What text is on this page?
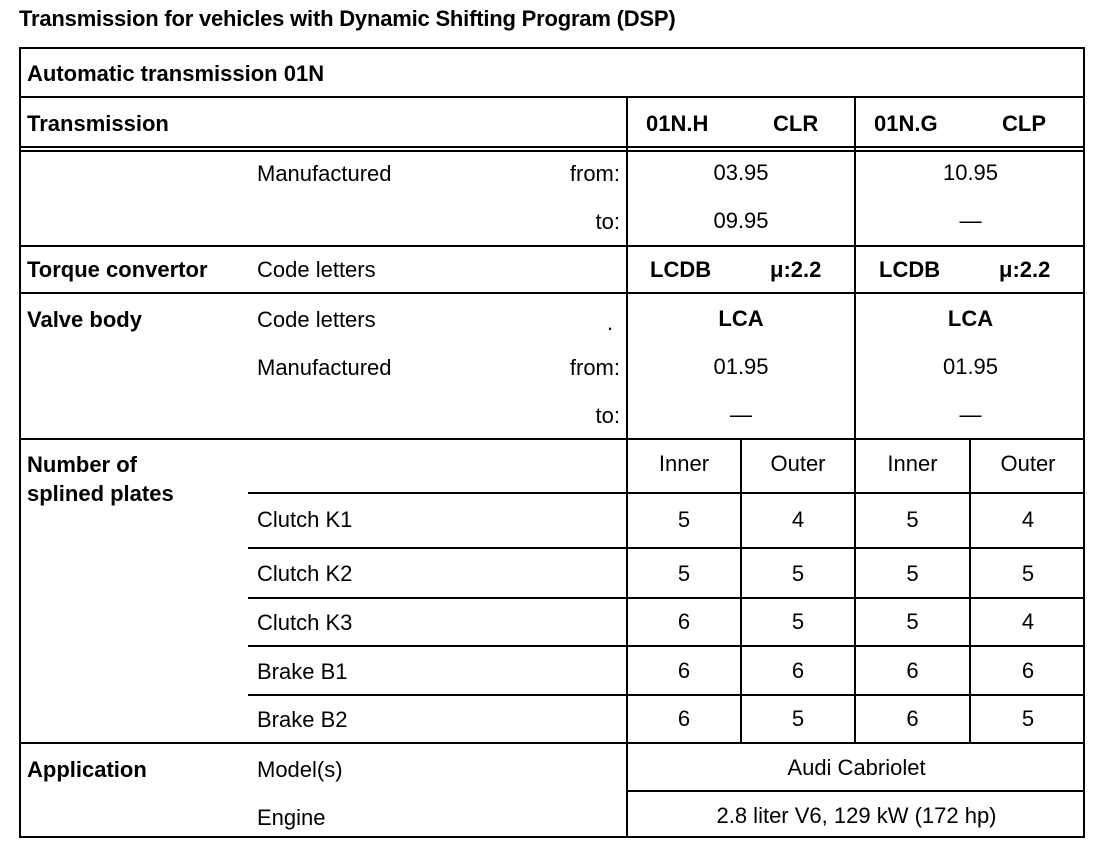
Transmission for vehicles with Dynamic Shifting Program (DSP)
Automatic transmission 01N
Transmission	01N.H	CLR	01N.G	CLP
Manufactured	from:	03.95	10.95
to:	09.95	—
Torque convertor Code letters	LCDB	μ:2.2	LCDB	μ:2.2
Valve body	Code letters	.	LCA	LCA
Manufactured	from:	01.95	01.95
to:	—	—
Number of
splined plates
Inner	Outer	Inner	Outer
Clutch K1	5	4	5	4
Clutch K2	5	5	5	5
Clutch K3	6	5	5	4
Brake B1	6	6	6	6
Brake B2	6	5	6	5
Application	Model(s)	Audi Cabriolet
Engine	2.8 liter V6, 129 kW (172 hp)
